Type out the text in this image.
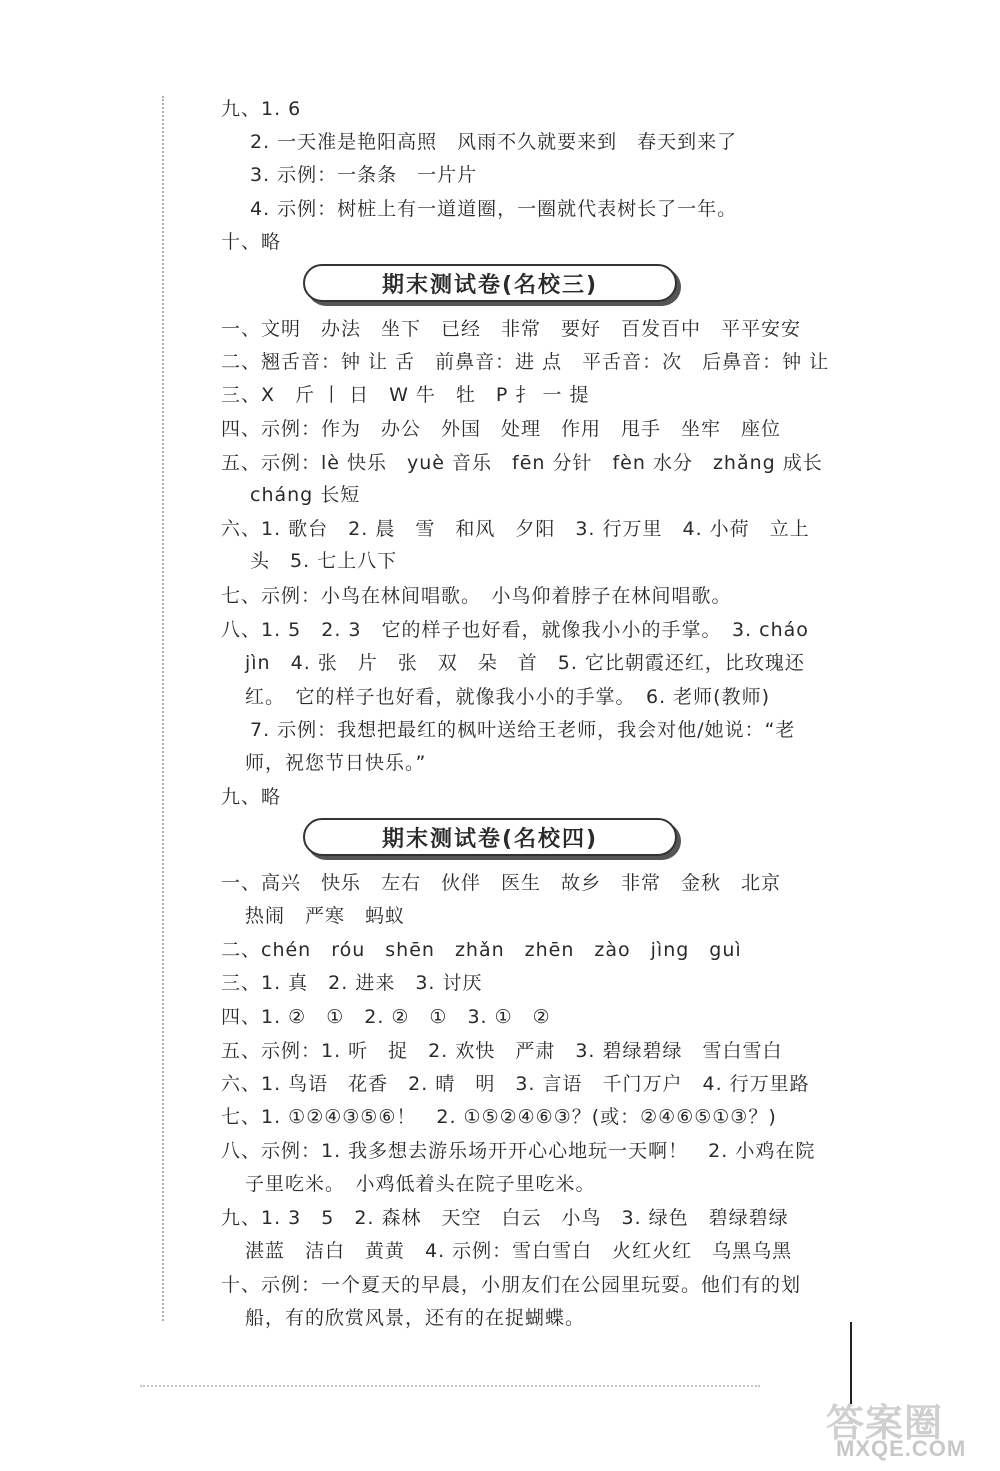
九、1. 6
2. 一天准是艳阳高照　风雨不久就要来到　春天到来了
3. 示例：一条条　一片片
4. 示例：树桩上有一道道圈，一圈就代表树长了一年。
十、略
期末测试卷(名校三)
一、文明　办法　坐下　已经　非常　要好　百发百中　平平安安
二、翘舌音：钟 让 舌　前鼻音：进 点　平舌音：次　后鼻音：钟 让
三、X　斤 丨 日　W 牛　牡　P 扌 一 提
四、示例：作为　办公　外国　处理　作用　甩手　坐牢　座位
五、示例：lè 快乐　yuè 音乐　fēn 分针　fèn 水分　zhǎng 成长
cháng 长短
六、1. 歌台　2. 晨　雪　和风　夕阳　3. 行万里　4. 小荷　立上
头　5. 七上八下
七、示例：小鸟在林间唱歌。　小鸟仰着脖子在林间唱歌。
八、1. 5　2. 3　它的样子也好看，就像我小小的手掌。　3. cháo
jìn　4. 张　片　张　双　朵　首　5. 它比朝霞还红，比玫瑰还
红。　它的样子也好看，就像我小小的手掌。　6. 老师(教师)
7. 示例：我想把最红的枫叶送给王老师，我会对他/她说：“老
师，祝您节日快乐。”
九、略
期末测试卷(名校四)
一、高兴　快乐　左右　伙伴　医生　故乡　非常　金秋　北京
热闹　严寒　蚂蚁
二、chén　róu　shēn　zhǎn　zhēn　zào　jìng　guì
三、1. 真　2. 进来　3. 讨厌
四、1. ②　①　2. ②　①　3. ①　②
五、示例：1. 听　捉　2. 欢快　严肃　3. 碧绿碧绿　雪白雪白
六、1. 鸟语　花香　2. 晴　明　3. 言语　千门万户　4. 行万里路
七、1. ①②④③⑤⑥！　2. ①⑤②④⑥③？(或：②④⑥⑤①③？)
八、示例：1. 我多想去游乐场开开心心地玩一天啊！　2. 小鸡在院
子里吃米。　小鸡低着头在院子里吃米。
九、1. 3　5　2. 森林　天空　白云　小鸟　3. 绿色　碧绿碧绿
湛蓝　洁白　黄黄　4. 示例：雪白雪白　火红火红　乌黑乌黑
十、示例：一个夏天的早晨，小朋友们在公园里玩耍。他们有的划
船，有的欣赏风景，还有的在捉蝴蝶。
答案圈
MXQE.COM
